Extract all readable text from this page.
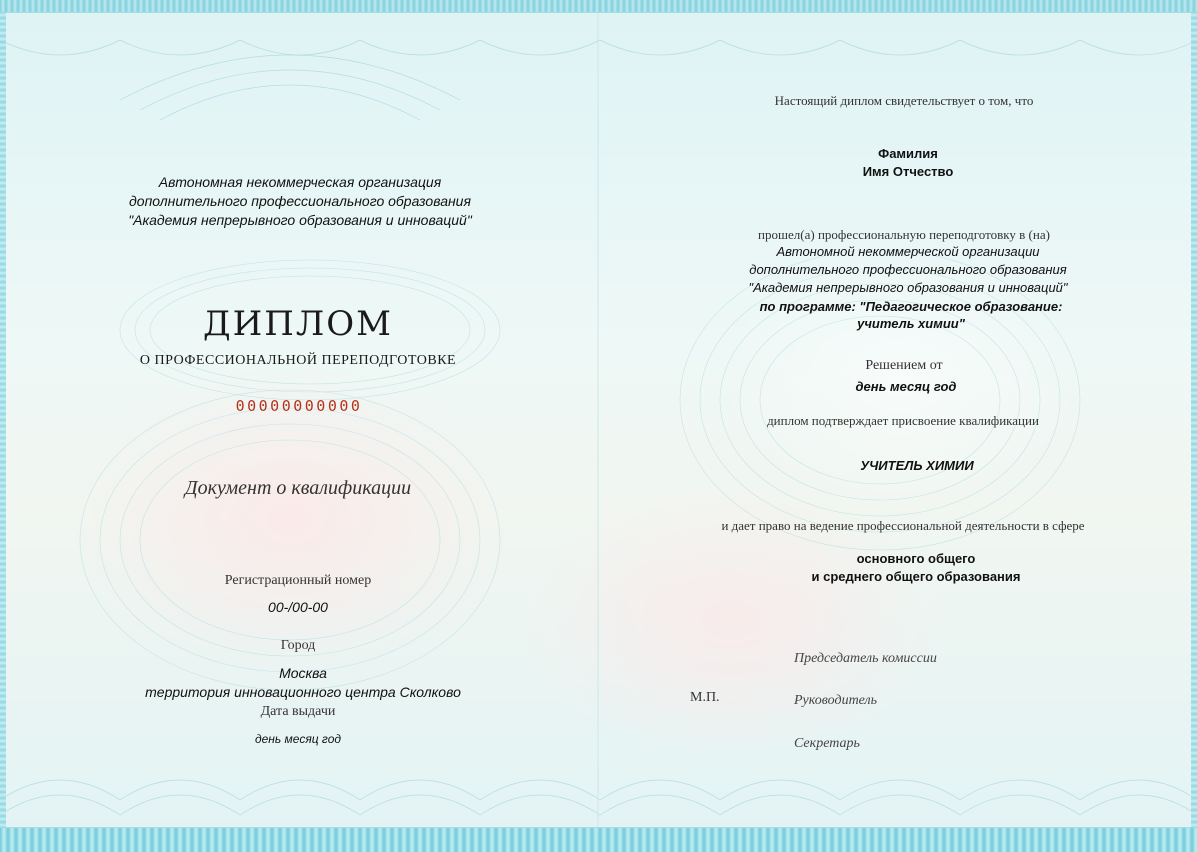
Автономная некоммерческая организация
дополнительного профессионального образования
"Академия непрерывного образования и инноваций"
ДИПЛОМ
О ПРОФЕССИОНАЛЬНОЙ ПЕРЕПОДГОТОВКЕ
00000000000
Документ о квалификации
Регистрационный номер
00-/00-00
Город
Москва
территория инновационного центра Сколково
Дата выдачи
день месяц год
Настоящий диплом свидетельствует о том, что
Фамилия
Имя Отчество
прошел(а) профессиональную переподготовку в (на)
Автономной некоммерческой организации
дополнительного профессионального образования
"Академия непрерывного образования и инноваций"
по программе: "Педагогическое образование:
учитель химии"
Решением от
день месяц год
диплом подтверждает присвоение квалификации
УЧИТЕЛЬ ХИМИИ
и дает право на ведение профессиональной деятельности в сфере
основного общего
и среднего общего образования
М.П.
Председатель комиссии
Руководитель
Секретарь
